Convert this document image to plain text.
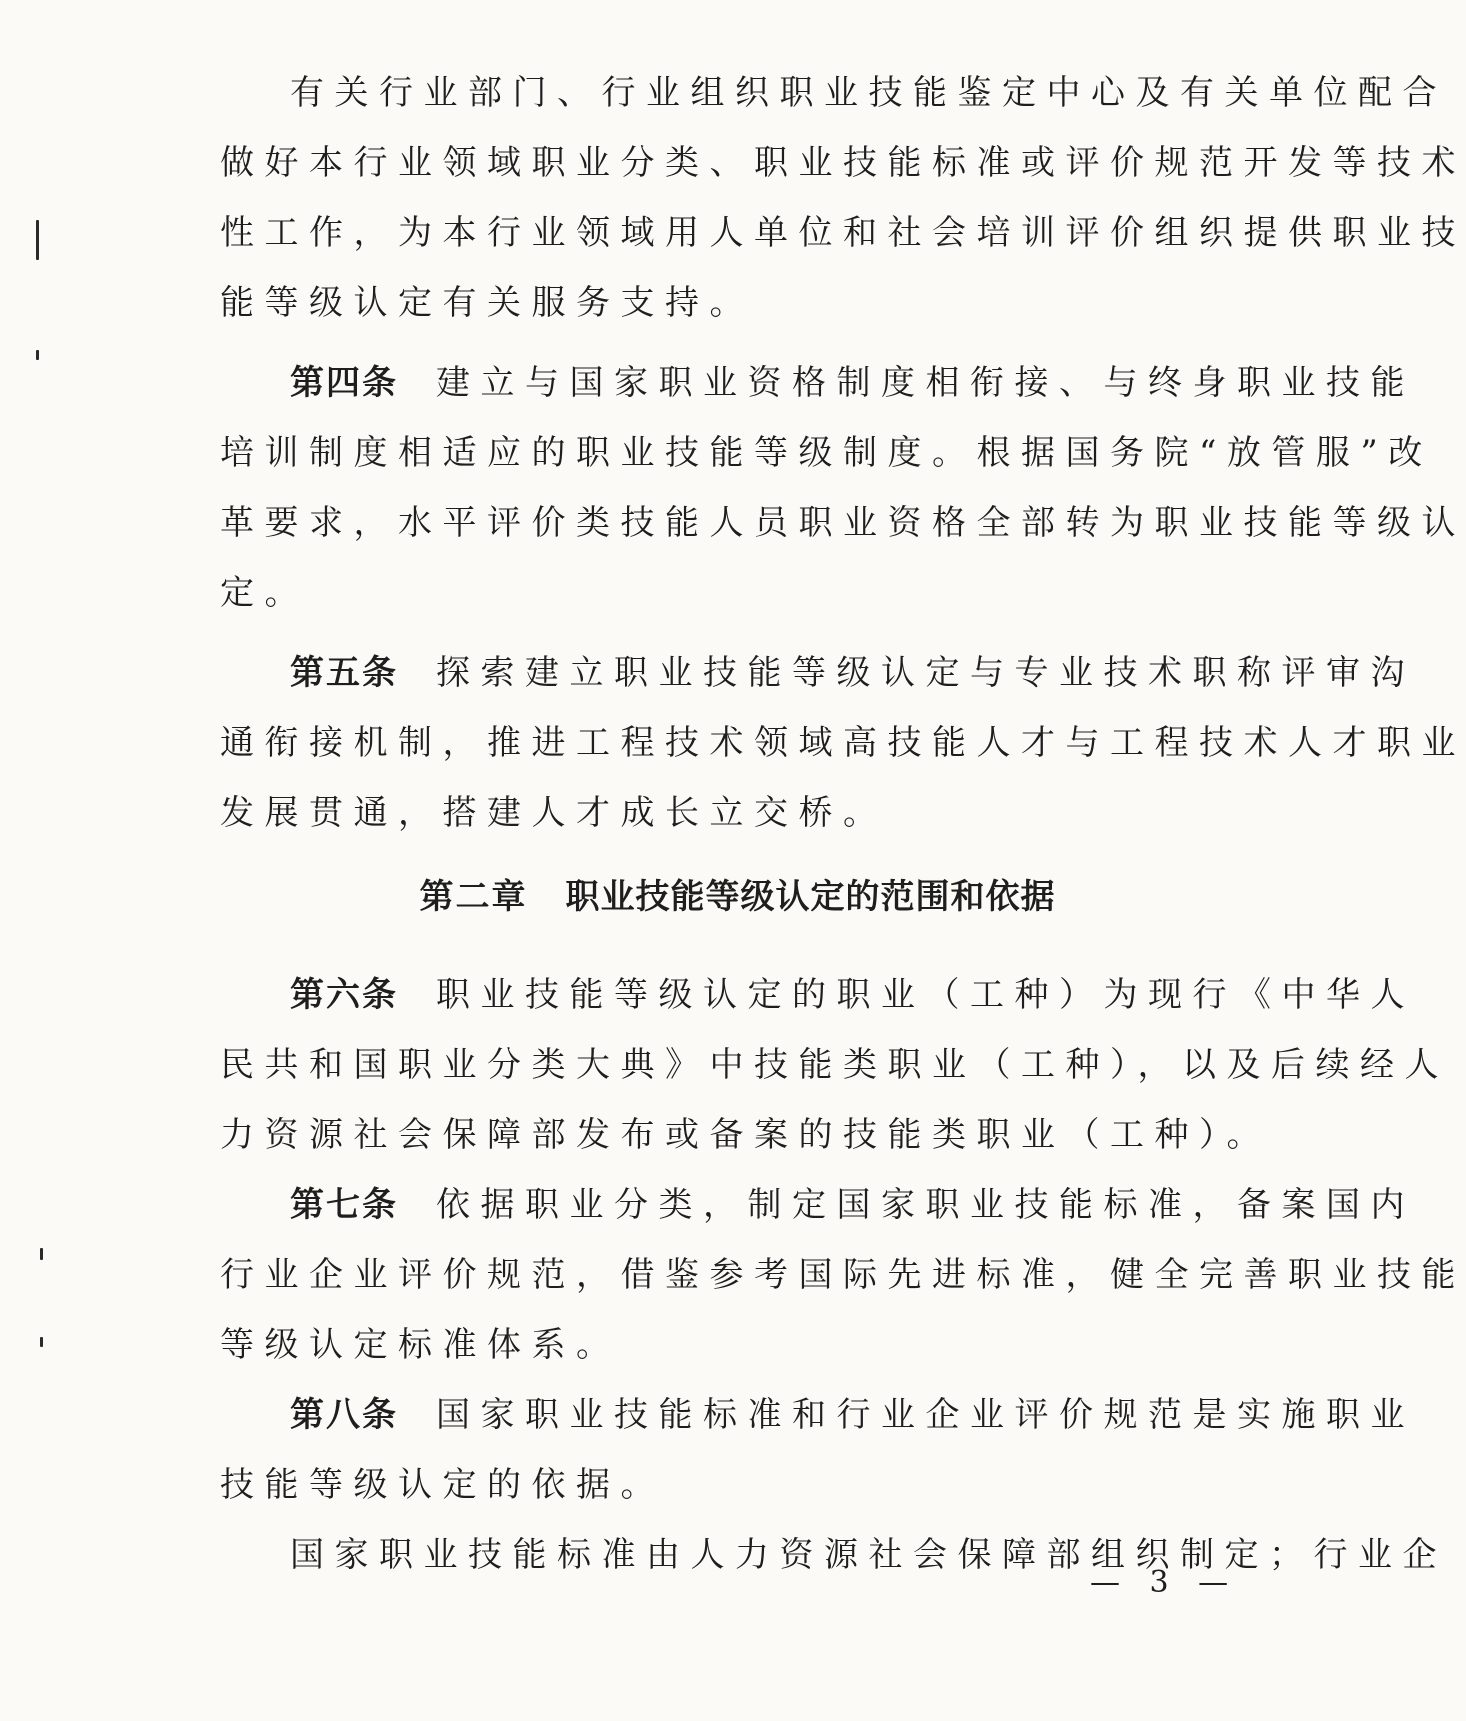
有关行业部门、行业组织职业技能鉴定中心及有关单位配合
做好本行业领域职业分类、职业技能标准或评价规范开发等技术
性工作，为本行业领域用人单位和社会培训评价组织提供职业技
能等级认定有关服务支持。
第四条 建立与国家职业资格制度相衔接、与终身职业技能
培训制度相适应的职业技能等级制度。根据国务院“放管服”改
革要求，水平评价类技能人员职业资格全部转为职业技能等级认
定。
第五条 探索建立职业技能等级认定与专业技术职称评审沟
通衔接机制，推进工程技术领域高技能人才与工程技术人才职业
发展贯通，搭建人才成长立交桥。
第二章 职业技能等级认定的范围和依据
第六条 职业技能等级认定的职业（工种）为现行《中华人
民共和国职业分类大典》中技能类职业（工种），以及后续经人
力资源社会保障部发布或备案的技能类职业（工种）。
第七条 依据职业分类，制定国家职业技能标准，备案国内
行业企业评价规范，借鉴参考国际先进标准，健全完善职业技能
等级认定标准体系。
第八条 国家职业技能标准和行业企业评价规范是实施职业
技能等级认定的依据。
国家职业技能标准由人力资源社会保障部组织制定；行业企
— 3 —
